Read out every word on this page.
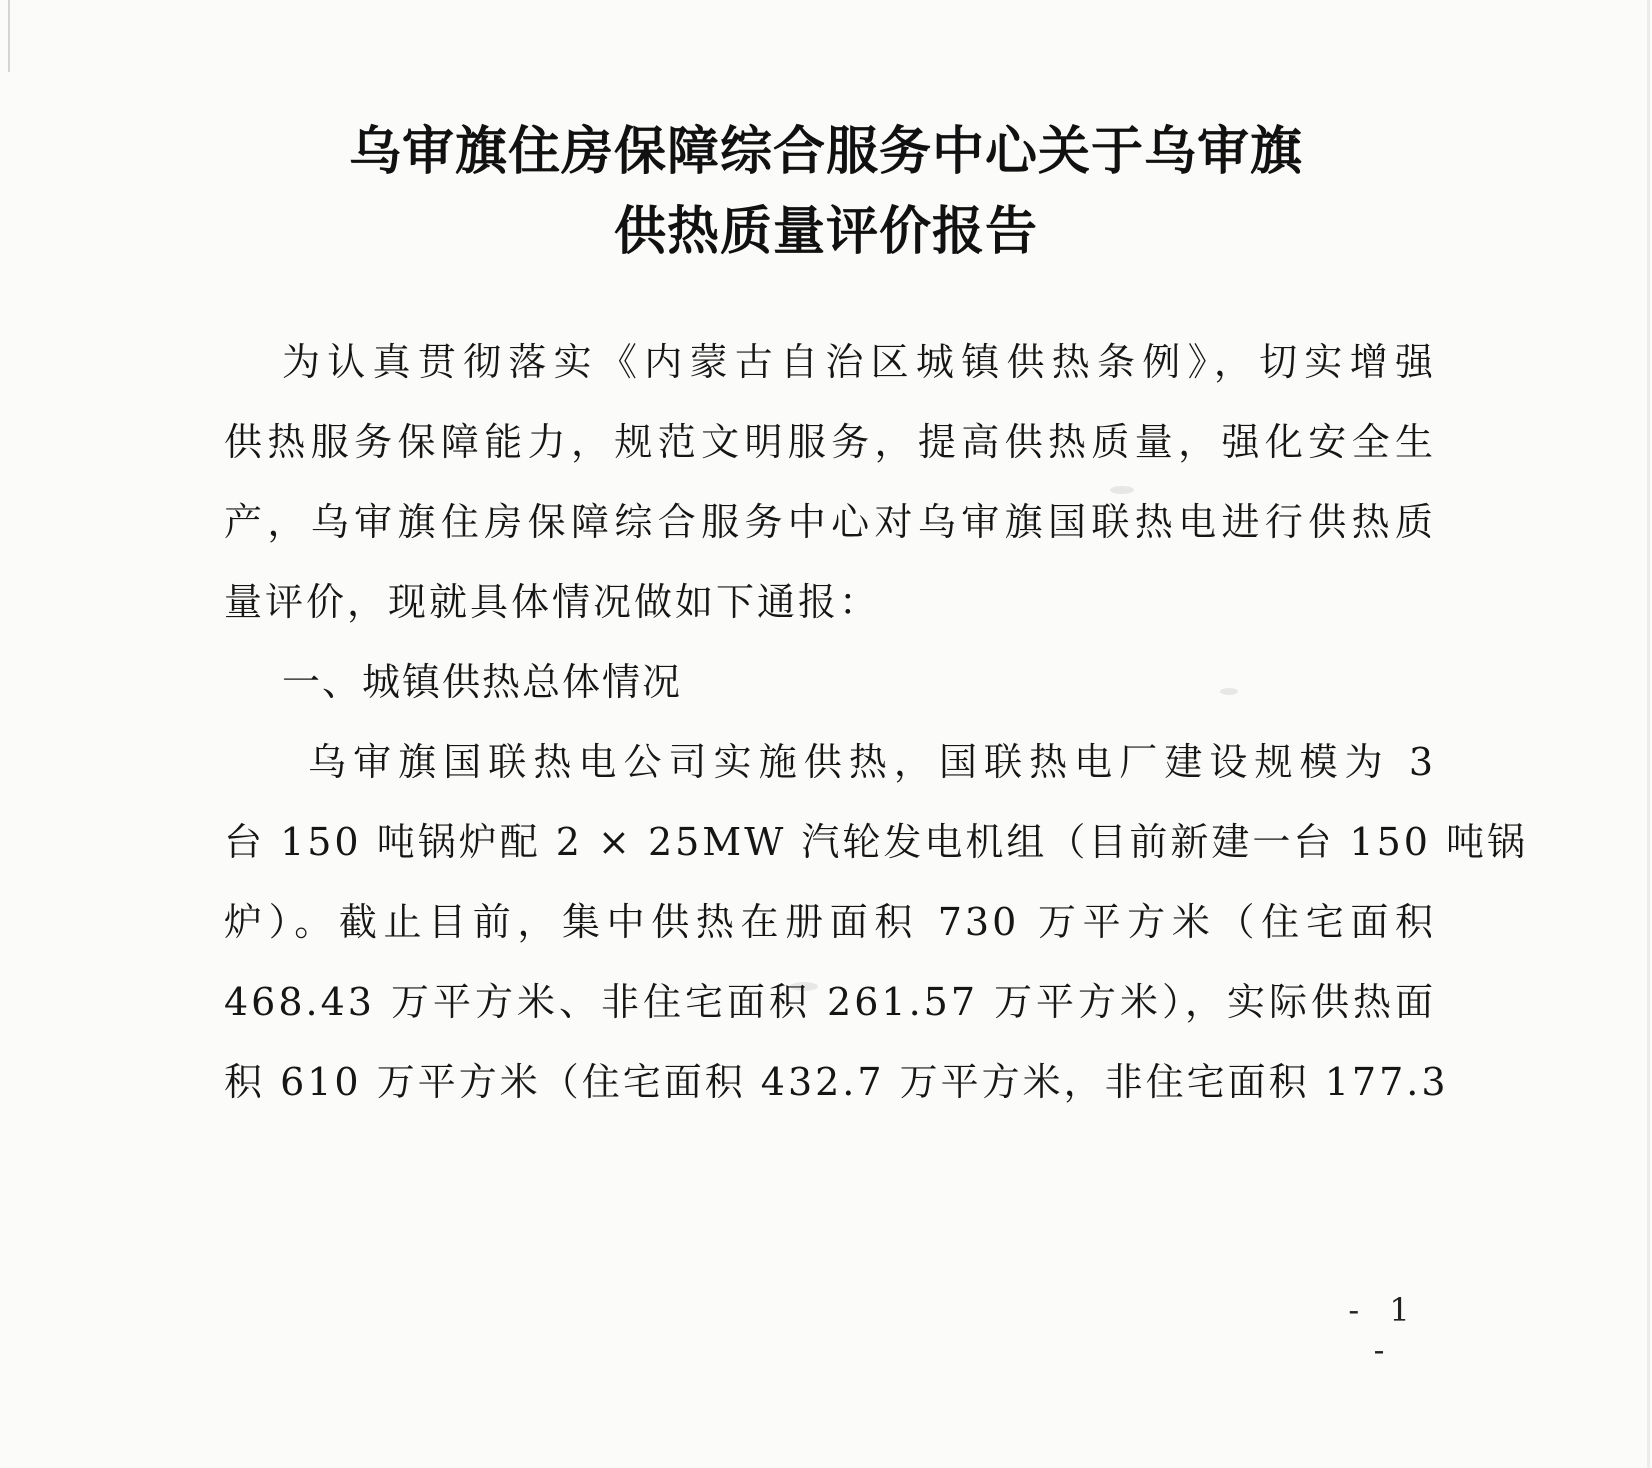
乌审旗住房保障综合服务中心关于乌审旗
供热质量评价报告
为认真贯彻落实《内蒙古自治区城镇供热条例》，切实增强
供热服务保障能力，规范文明服务，提高供热质量，强化安全生
产，乌审旗住房保障综合服务中心对乌审旗国联热电进行供热质
量评价，现就具体情况做如下通报：
一、城镇供热总体情况
乌审旗国联热电公司实施供热，国联热电厂建设规模为 3
台 150 吨锅炉配 2 × 25MW 汽轮发电机组（目前新建一台 150 吨锅
炉）。截止目前，集中供热在册面积 730 万平方米（住宅面积
468.43 万平方米、非住宅面积 261.57 万平方米），实际供热面
积 610 万平方米（住宅面积 432.7 万平方米，非住宅面积 177.3
- 1 -
